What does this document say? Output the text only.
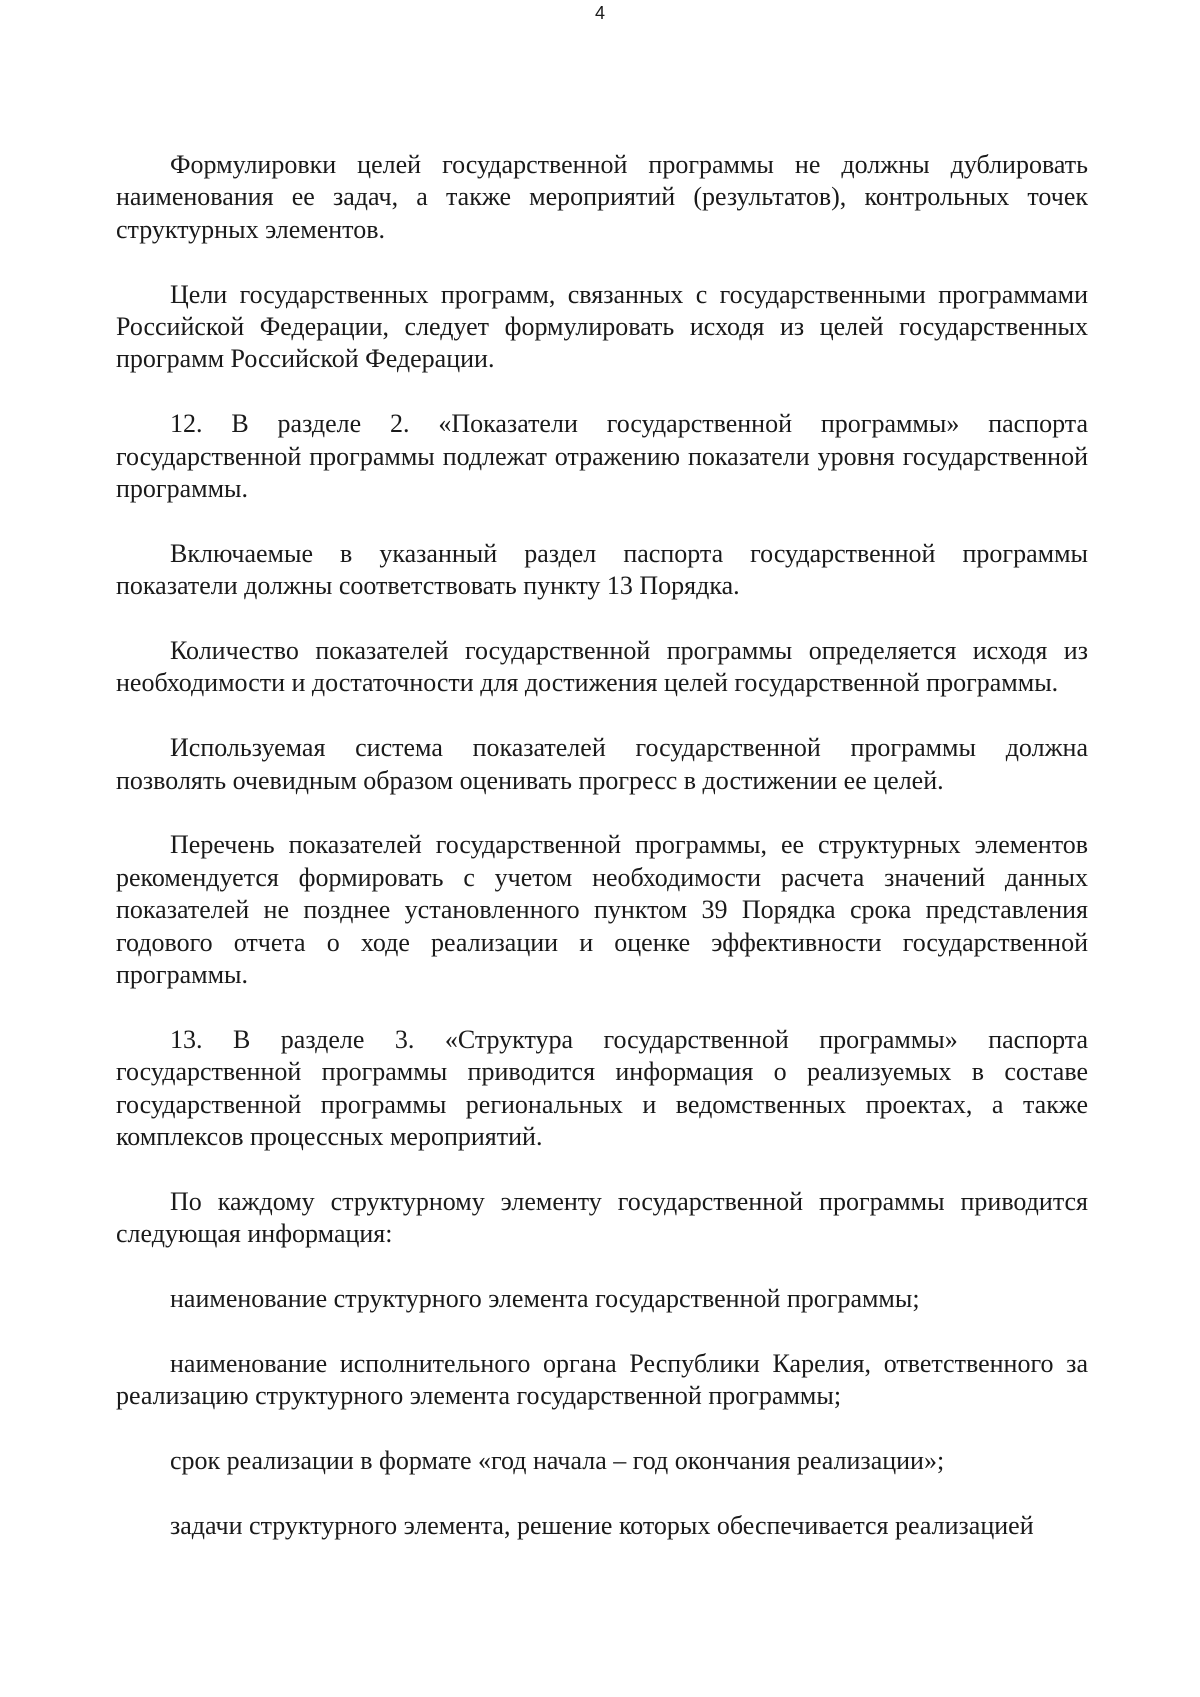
4

Формулировки целей государственной программы не должны дублировать наименования ее задач, а также мероприятий (результатов), контрольных точек структурных элементов.

Цели государственных программ, связанных с государственными программами Российской Федерации, следует формулировать исходя из целей государственных программ Российской Федерации.

12. В разделе 2. «Показатели государственной программы» паспорта государственной программы подлежат отражению показатели уровня государственной программы.

Включаемые в указанный раздел паспорта государственной программы показатели должны соответствовать пункту 13 Порядка.

Количество показателей государственной программы определяется исходя из необходимости и достаточности для достижения целей государственной программы.

Используемая система показателей государственной программы должна позволять очевидным образом оценивать прогресс в достижении ее целей.

Перечень показателей государственной программы, ее структурных элементов рекомендуется формировать с учетом необходимости расчета значений данных показателей не позднее установленного пунктом 39 Порядка срока представления годового отчета о ходе реализации и оценке эффективности государственной программы.

13. В разделе 3. «Структура государственной программы» паспорта государственной программы приводится информация о реализуемых в составе государственной программы региональных и ведомственных проектах, а также комплексов процессных мероприятий.

По каждому структурному элементу государственной программы приводится следующая информация:

наименование структурного элемента государственной программы;

наименование исполнительного органа Республики Карелия, ответственного за реализацию структурного элемента государственной программы;

срок реализации в формате «год начала – год окончания реализации»;

задачи структурного элемента, решение которых обеспечивается реализацией
